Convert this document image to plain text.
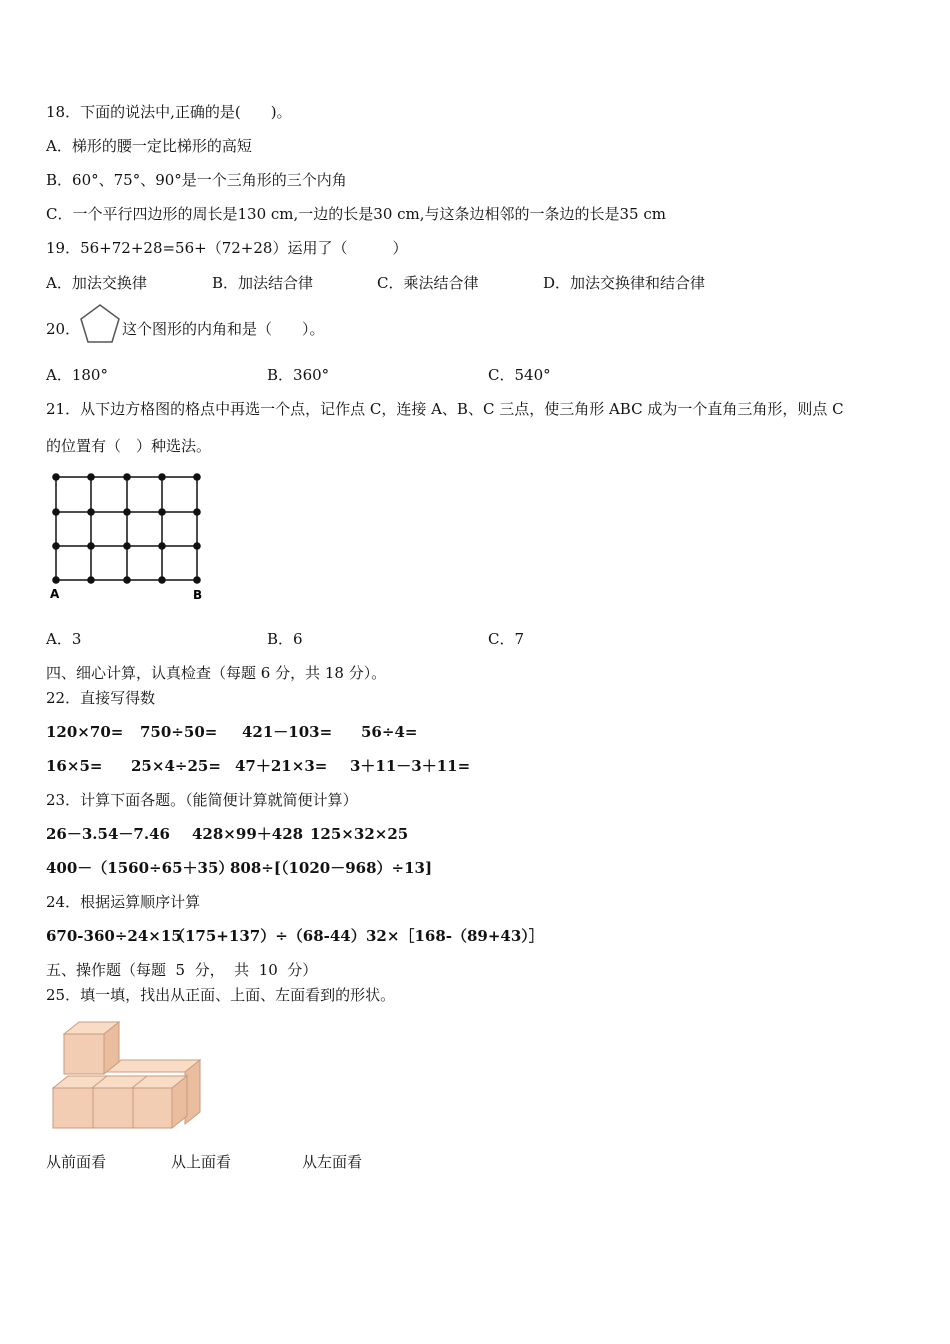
18．下面的说法中,正确的是(　　)。
A．梯形的腰一定比梯形的高短
B．60°、75°、90°是一个三角形的三个内角
C．一个平行四边形的周长是130 cm,一边的长是30 cm,与这条边相邻的一条边的长是35 cm
19．56+72+28=56+（72+28）运用了（　　　）
A．加法交换律	B．加法结合律	C．乘法结合律	D．加法交换律和结合律
20．	这个图形的内角和是（　　）。
A．180°	B．360°	C．540°
21．从下边方格图的格点中再选一个点，记作点 C，连接 A、B、C 三点，使三角形 ABC 成为一个直角三角形，则点 C
的位置有（　）种选法。
A	B
A．3	B．6	C．7
四、细心计算，认真检查（每题 6 分，共 18 分）。
22．直接写得数
120×70= 750÷50= 421－103= 56÷4=
16×5= 25×4÷25= 47＋21×3= 3＋11－3＋11=
23．计算下面各题。（能简便计算就简便计算）
26－3.54－7.46 428×99＋428 125×32×25
400－（1560÷65＋35）
808÷[（1020－968）÷13]
24．根据运算顺序计算
670-360÷24×15
（175+137）÷（68-44） 32×［168-（89+43）］
五、操作题（每题  5  分，  共  10  分）
25．填一填，找出从正面、上面、左面看到的形状。
从前面看	从上面看	从左面看
